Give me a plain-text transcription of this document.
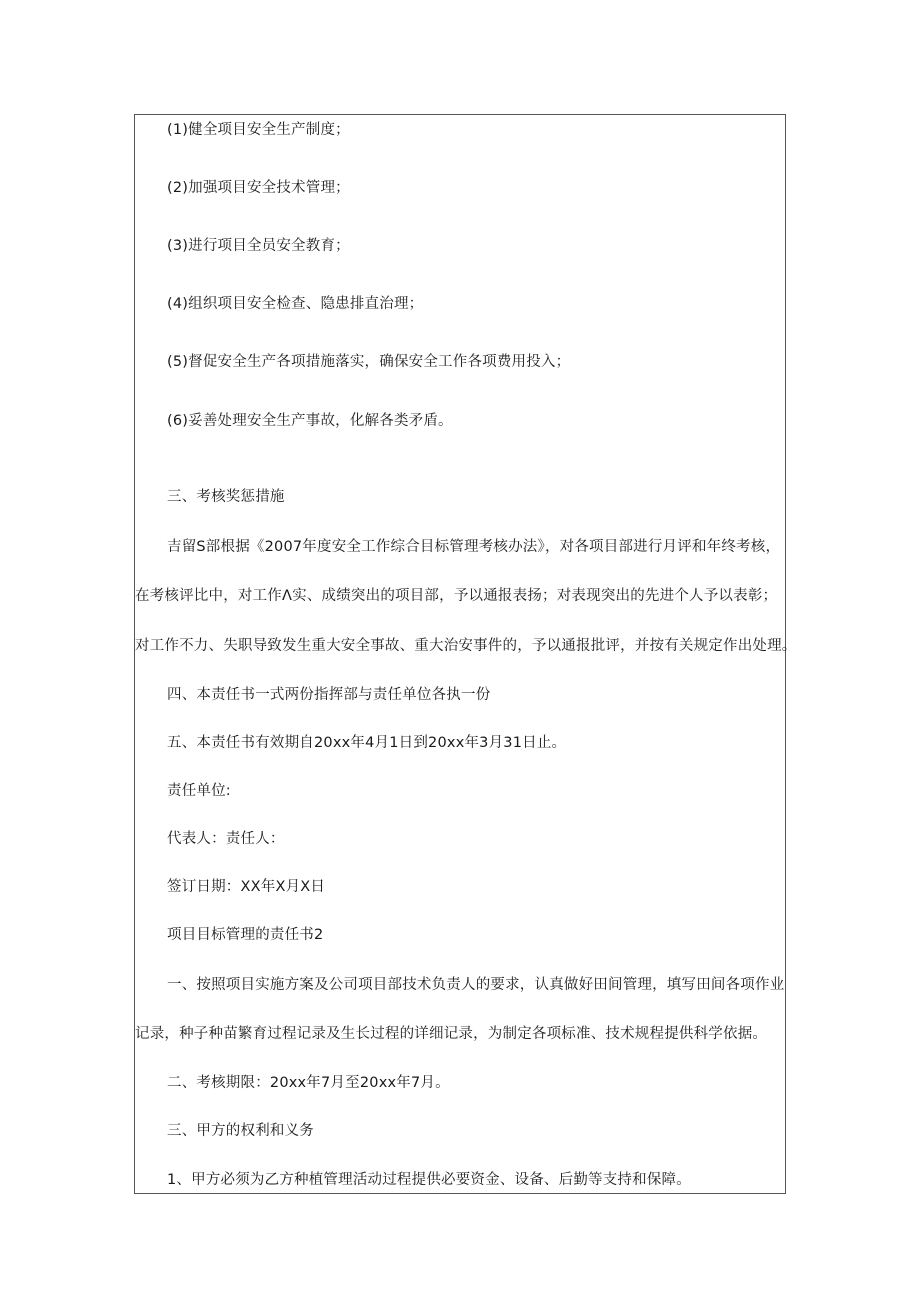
(1)健全项目安全生产制度；
(2)加强项目安全技术管理；
(3)进行项目全员安全教育；
(4)组织项目安全检查、隐患排直治理；
(5)督促安全生产各项措施落实，确保安全工作各项费用投入；
(6)妥善处理安全生产事故，化解各类矛盾。
三、考核奖惩措施
吉留S部根据《2007年度安全工作综合目标管理考核办法》，对各项目部进行月评和年终考核，
在考核评比中，对工作Λ实、成绩突出的项目部，予以通报表扬；对表现突出的先进个人予以表彰；
对工作不力、失职导致发生重大安全事故、重大治安事件的，予以通报批评，并按有关规定作出处理。
四、本责任书一式两份指挥部与责任单位各执一份
五、本责任书有效期自20xx年4月1日到20xx年3月31日止。
责任单位:
代表人：责任人：
签订日期：XX年X月X日
项目目标管理的责任书2
一、按照项目实施方案及公司项目部技术负责人的要求，认真做好田间管理，填写田间各项作业
记录，种子种苗繁育过程记录及生长过程的详细记录，为制定各项标准、技术规程提供科学依据。
二、考核期限：20xx年7月至20xx年7月。
三、甲方的权利和义务
1、甲方必须为乙方种植管理活动过程提供必要资金、设备、后勤等支持和保障。
